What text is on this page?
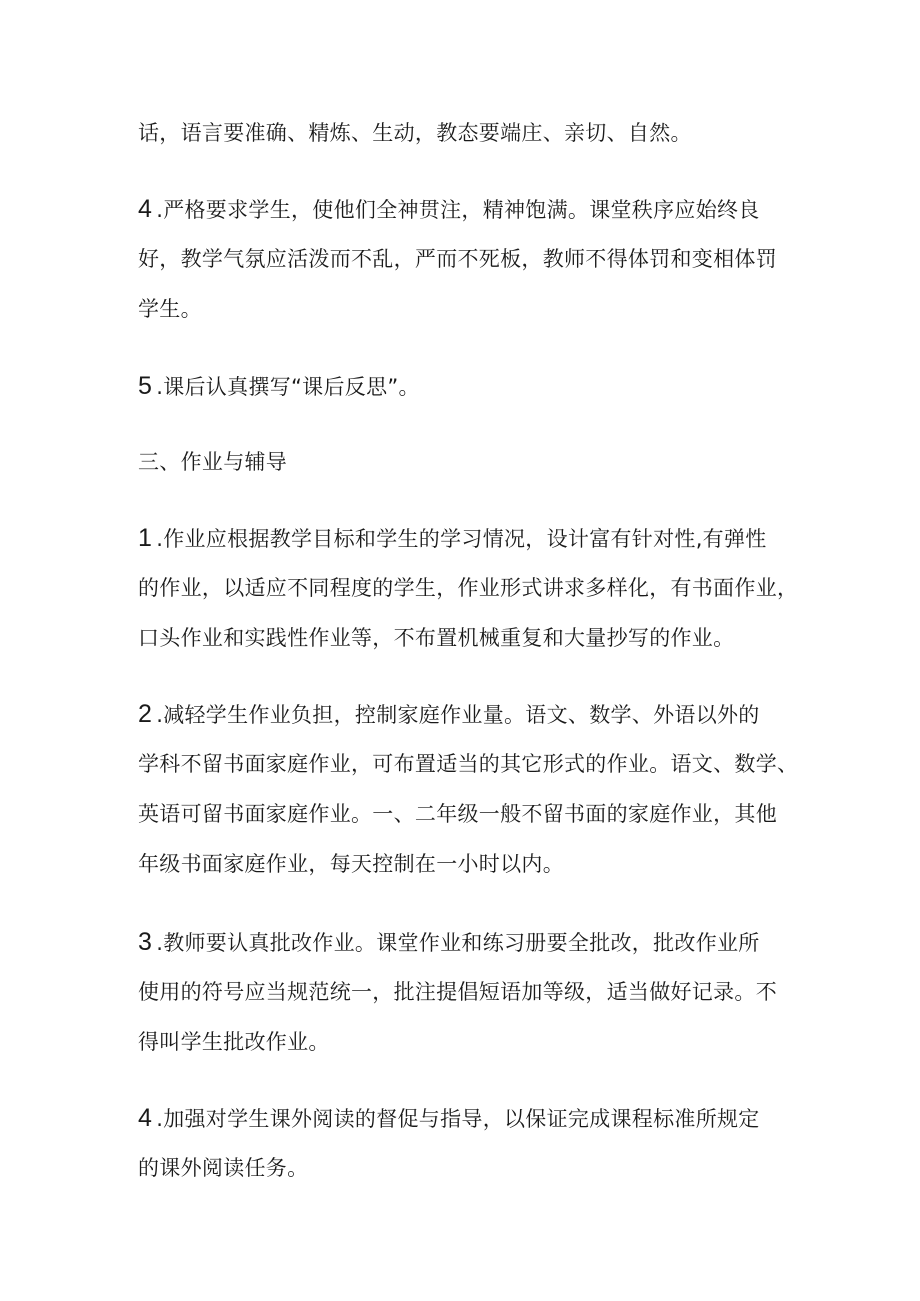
话，语言要准确、精炼、生动，教态要端庄、亲切、自然。
4 .严格要求学生，使他们全神贯注，精神饱满。课堂秩序应始终良
好，教学气氛应活泼而不乱，严而不死板，教师不得体罚和变相体罚
学生。
5 .课后认真撰写“课后反思”。
三、作业与辅导
1 .作业应根据教学目标和学生的学习情况，设计富有针对性,有弹性
的作业，以适应不同程度的学生，作业形式讲求多样化，有书面作业，
口头作业和实践性作业等，不布置机械重复和大量抄写的作业。
2 .减轻学生作业负担，控制家庭作业量。语文、数学、外语以外的
学科不留书面家庭作业，可布置适当的其它形式的作业。语文、数学、
英语可留书面家庭作业。一、二年级一般不留书面的家庭作业，其他
年级书面家庭作业，每天控制在一小时以内。
3 .教师要认真批改作业。课堂作业和练习册要全批改，批改作业所
使用的符号应当规范统一，批注提倡短语加等级，适当做好记录。不
得叫学生批改作业。
4 .加强对学生课外阅读的督促与指导，以保证完成课程标准所规定
的课外阅读任务。
